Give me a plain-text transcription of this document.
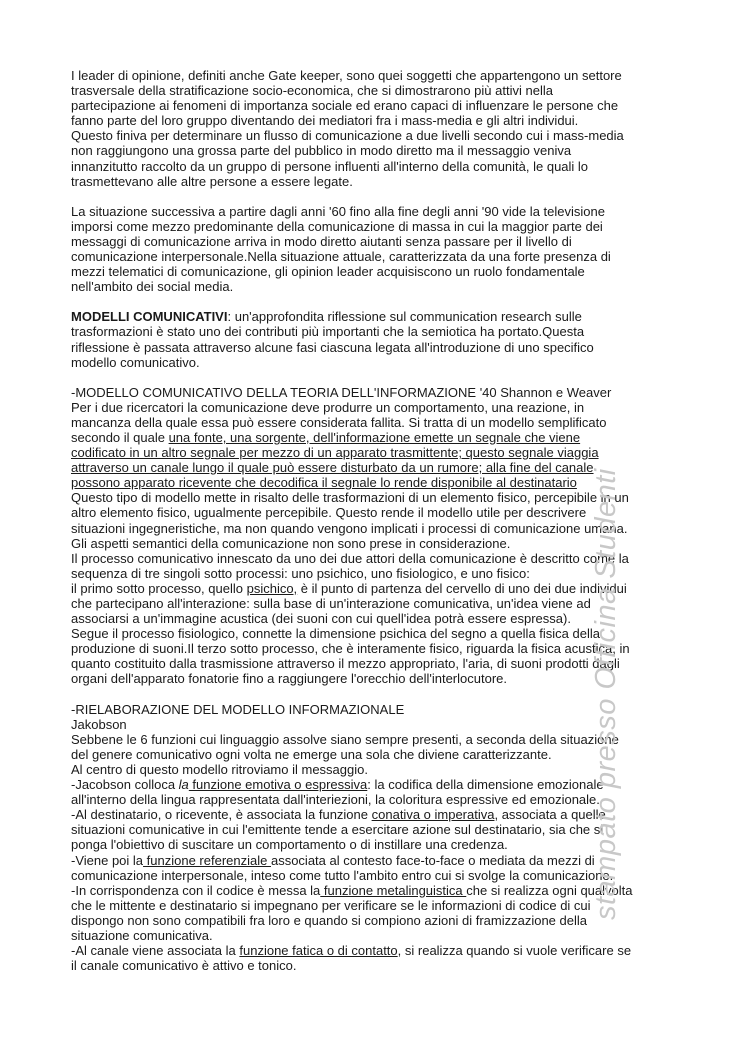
I leader di opinione, definiti anche Gate keeper, sono quei soggetti che appartengono un settore
trasversale della stratificazione socio-economica, che si dimostrarono più attivi nella
partecipazione ai fenomeni di importanza sociale ed erano capaci di influenzare le persone che
fanno parte del loro gruppo diventando dei mediatori fra i mass-media e gli altri individui.
Questo finiva per determinare un flusso di comunicazione a due livelli secondo cui i mass-media
non raggiungono una grossa parte del pubblico in modo diretto ma il messaggio veniva
innanzitutto raccolto da un gruppo di persone influenti all'interno della comunità, le quali lo
trasmettevano alle altre persone a essere legate.

La situazione successiva a partire dagli anni '60 fino alla fine degli anni '90 vide la televisione
imporsi come mezzo predominante della comunicazione di massa in cui la maggior parte dei
messaggi di comunicazione arriva in modo diretto aiutanti senza passare per il livello di
comunicazione interpersonale.Nella situazione attuale, caratterizzata da una forte presenza di
mezzi telematici di comunicazione, gli opinion leader acquisiscono un ruolo fondamentale
nell'ambito dei social media.

MODELLI COMUNICATIVI: un'approfondita riflessione sul communication research sulle
trasformazioni è stato uno dei contributi più importanti che la semiotica ha portato.Questa
riflessione è passata attraverso alcune fasi ciascuna legata all'introduzione di uno specifico
modello comunicativo.

-MODELLO COMUNICATIVO DELLA TEORIA DELL'INFORMAZIONE '40 Shannon e Weaver
Per i due ricercatori la comunicazione deve produrre un comportamento, una reazione, in
mancanza della quale essa può essere considerata fallita. Si tratta di un modello semplificato
secondo il quale una fonte, una sorgente, dell'informazione emette un segnale che viene
codificato in un altro segnale per mezzo di un apparato trasmittente; questo segnale viaggia
attraverso un canale lungo il quale può essere disturbato da un rumore; alla fine del canale
possono apparato ricevente che decodifica il segnale lo rende disponibile al destinatario
Questo tipo di modello mette in risalto delle trasformazioni di un elemento fisico, percepibile in un
altro elemento fisico, ugualmente percepibile. Questo rende il modello utile per descrivere
situazioni ingegneristiche, ma non quando vengono implicati i processi di comunicazione umana.
Gli aspetti semantici della comunicazione non sono prese in considerazione.
Il processo comunicativo innescato da uno dei due attori della comunicazione è descritto come la
sequenza di tre singoli sotto processi: uno psichico, uno fisiologico, e uno fisico:
il primo sotto processo, quello psichico, è il punto di partenza del cervello di uno dei due individui
che partecipano all'interazione: sulla base di un'interazione comunicativa, un'idea viene ad
associarsi a un'immagine acustica (dei suoni con cui quell'idea potrà essere espressa).
Segue il processo fisiologico, connette la dimensione psichica del segno a quella fisica della
produzione di suoni.Il terzo sotto processo, che è interamente fisico, riguarda la fisica acustica, in
quanto costituito dalla trasmissione attraverso il mezzo appropriato, l'aria, di suoni prodotti dagli
organi dell'apparato fonatorie fino a raggiungere l'orecchio dell'interlocutore.

-RIELABORAZIONE DEL MODELLO INFORMAZIONALE
Jakobson
Sebbene le 6 funzioni cui linguaggio assolve siano sempre presenti, a seconda della situazione
del genere comunicativo ogni volta ne emerge una sola che diviene caratterizzante.
Al centro di questo modello ritroviamo il messaggio.
-Jacobson colloca la funzione emotiva o espressiva: la codifica della dimensione emozionale
all'interno della lingua rappresentata dall'interiezioni, la coloritura espressive ed emozionale.
-Al destinatario, o ricevente, è associata la funzione conativa o imperativa, associata a quelle
situazioni comunicative in cui l'emittente tende a esercitare azione sul destinatario, sia che si
ponga l'obiettivo di suscitare un comportamento o di instillare una credenza.
-Viene poi la funzione referenziale associata al contesto face-to-face o mediata da mezzi di
comunicazione interpersonale, inteso come tutto l'ambito entro cui si svolge la comunicazione.
-In corrispondenza con il codice è messa la funzione metalinguistica che si realizza ogni qualvolta
che le mittente e destinatario si impegnano per verificare se le informazioni di codice di cui
dispongo non sono compatibili fra loro e quando si compiono azioni di framizzazione della
situazione comunicativa.
-Al canale viene associata la funzione fatica o di contatto, si realizza quando si vuole verificare se
il canale comunicativo è attivo e tonico.

stampato presso Officina Studenti
